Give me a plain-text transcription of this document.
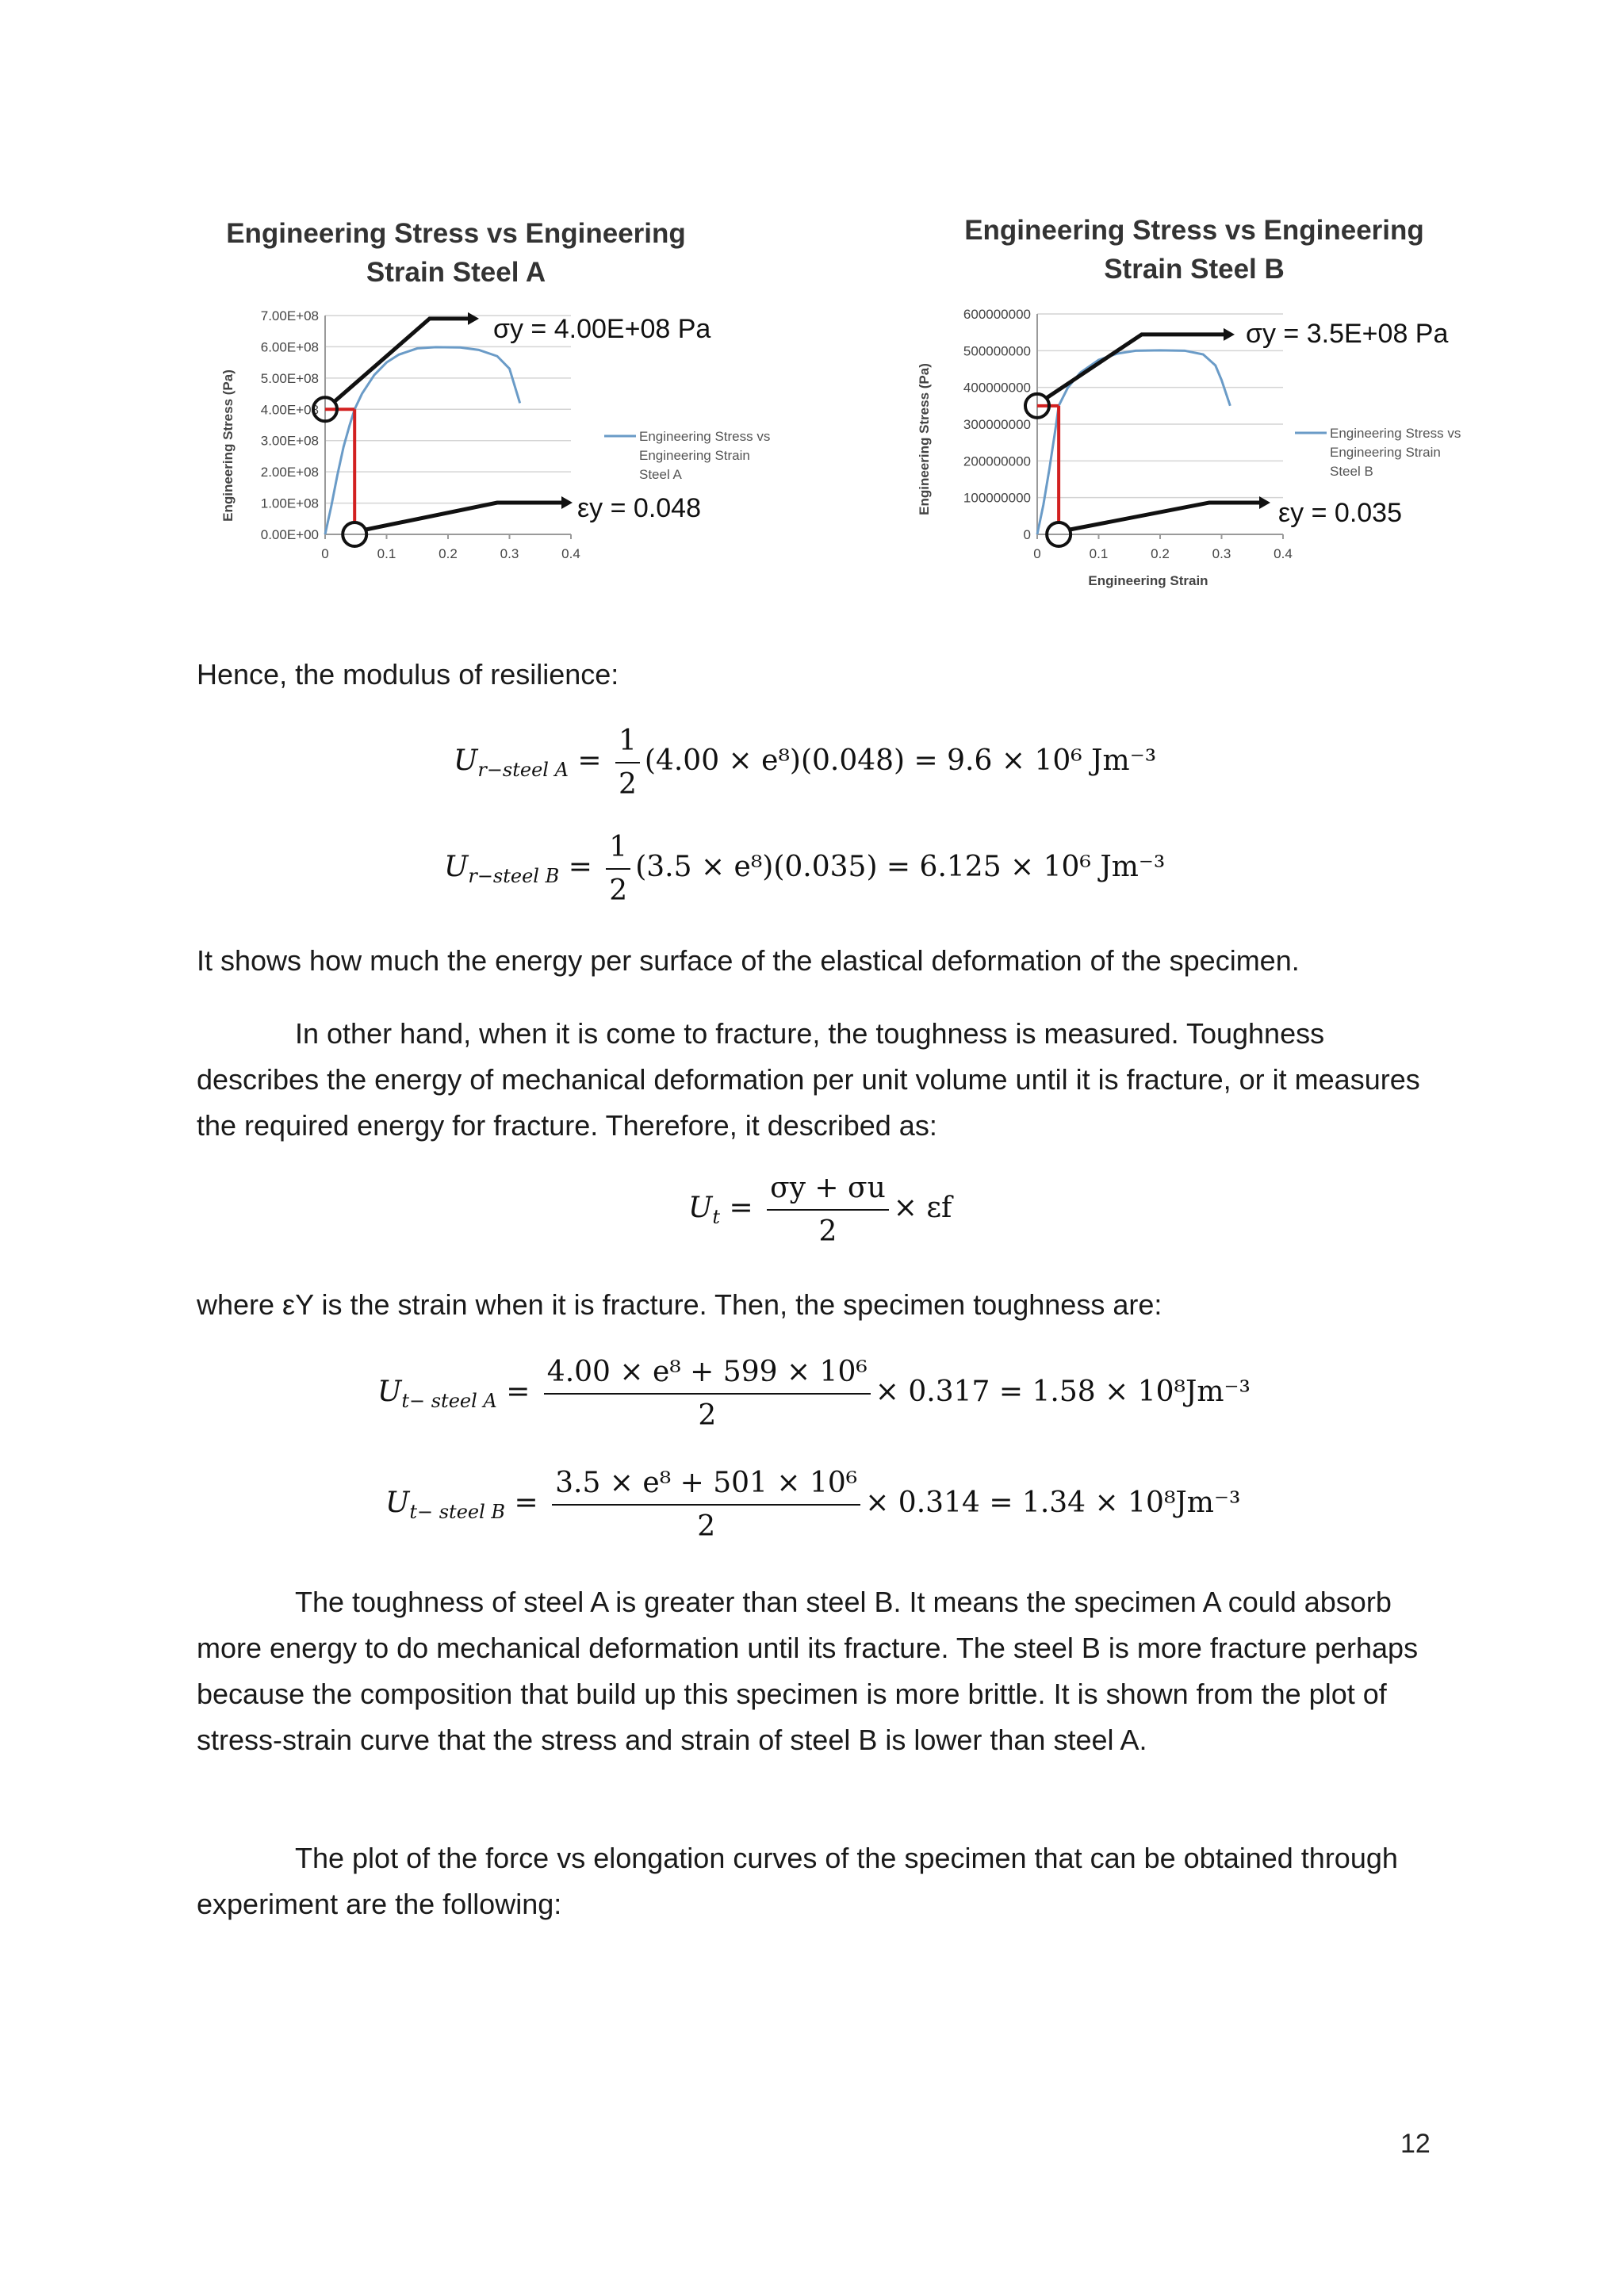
Engineering Stress vs Engineering
Strain Steel A
Engineering Stress (Pa)
7.00E+08
6.00E+08
5.00E+08
4.00E+08
3.00E+08
2.00E+08
1.00E+08
0.00E+00
0	0.1	0.2	0.3	0.4
Engineering Stress vs
Engineering Strain
Steel A
σy = 4.00E+08 Pa
εy = 0.048
Engineering Stress vs Engineering
Strain Steel B
Engineering Stress (Pa)
Engineering Strain
600000000
500000000
400000000
300000000
200000000
100000000
0
0	0.1	0.2	0.3	0.4
Engineering Stress vs
Engineering Strain
Steel B
σy = 3.5E+08 Pa
εy = 0.035
Hence, the modulus of resilience:
$U_{r-steel A} = \frac{1}{2} (4.00 \times e^8)(0.048) = 9.6 \times 10^6$ Jm⁻³
$U_{r-steel B} = \frac{1}{2} (3.5 \times e^8)(0.035) = 6.125 \times 10^6$ Jm⁻³
It shows how much the energy per surface of the elastical deformation of the specimen.
In other hand, when it is come to fracture, the toughness is measured. Toughness describes the energy of mechanical deformation per unit volume until it is fracture, or it measures the required energy for fracture. Therefore, it described as:
$U_t = \frac{\sigma y + \sigma u}{2} \times \varepsilon f$
where εY is the strain when it is fracture. Then, the specimen toughness are:
$U_{t- steel A} = \frac{\text{4.00 × e⁸ + 599 × 10⁶}}{2} \times 0.317 = 1.58 \times 10^8Jm^{-3}$
$U_{t- steel B} = \frac{\text{3.5 × e⁸ + 501 × 10⁶}}{2} \times 0.314 = 1.34 \times 10^8Jm^{-3}$
The toughness of steel A is greater than steel B. It means the specimen A could absorb more energy to do mechanical deformation until its fracture. The steel B is more fracture perhaps because the composition that build up this specimen is more brittle. It is shown from the plot of stress-strain curve that the stress and strain of steel B is lower than steel A.
The plot of the force vs elongation curves of the specimen that can be obtained through experiment are the following:
12
